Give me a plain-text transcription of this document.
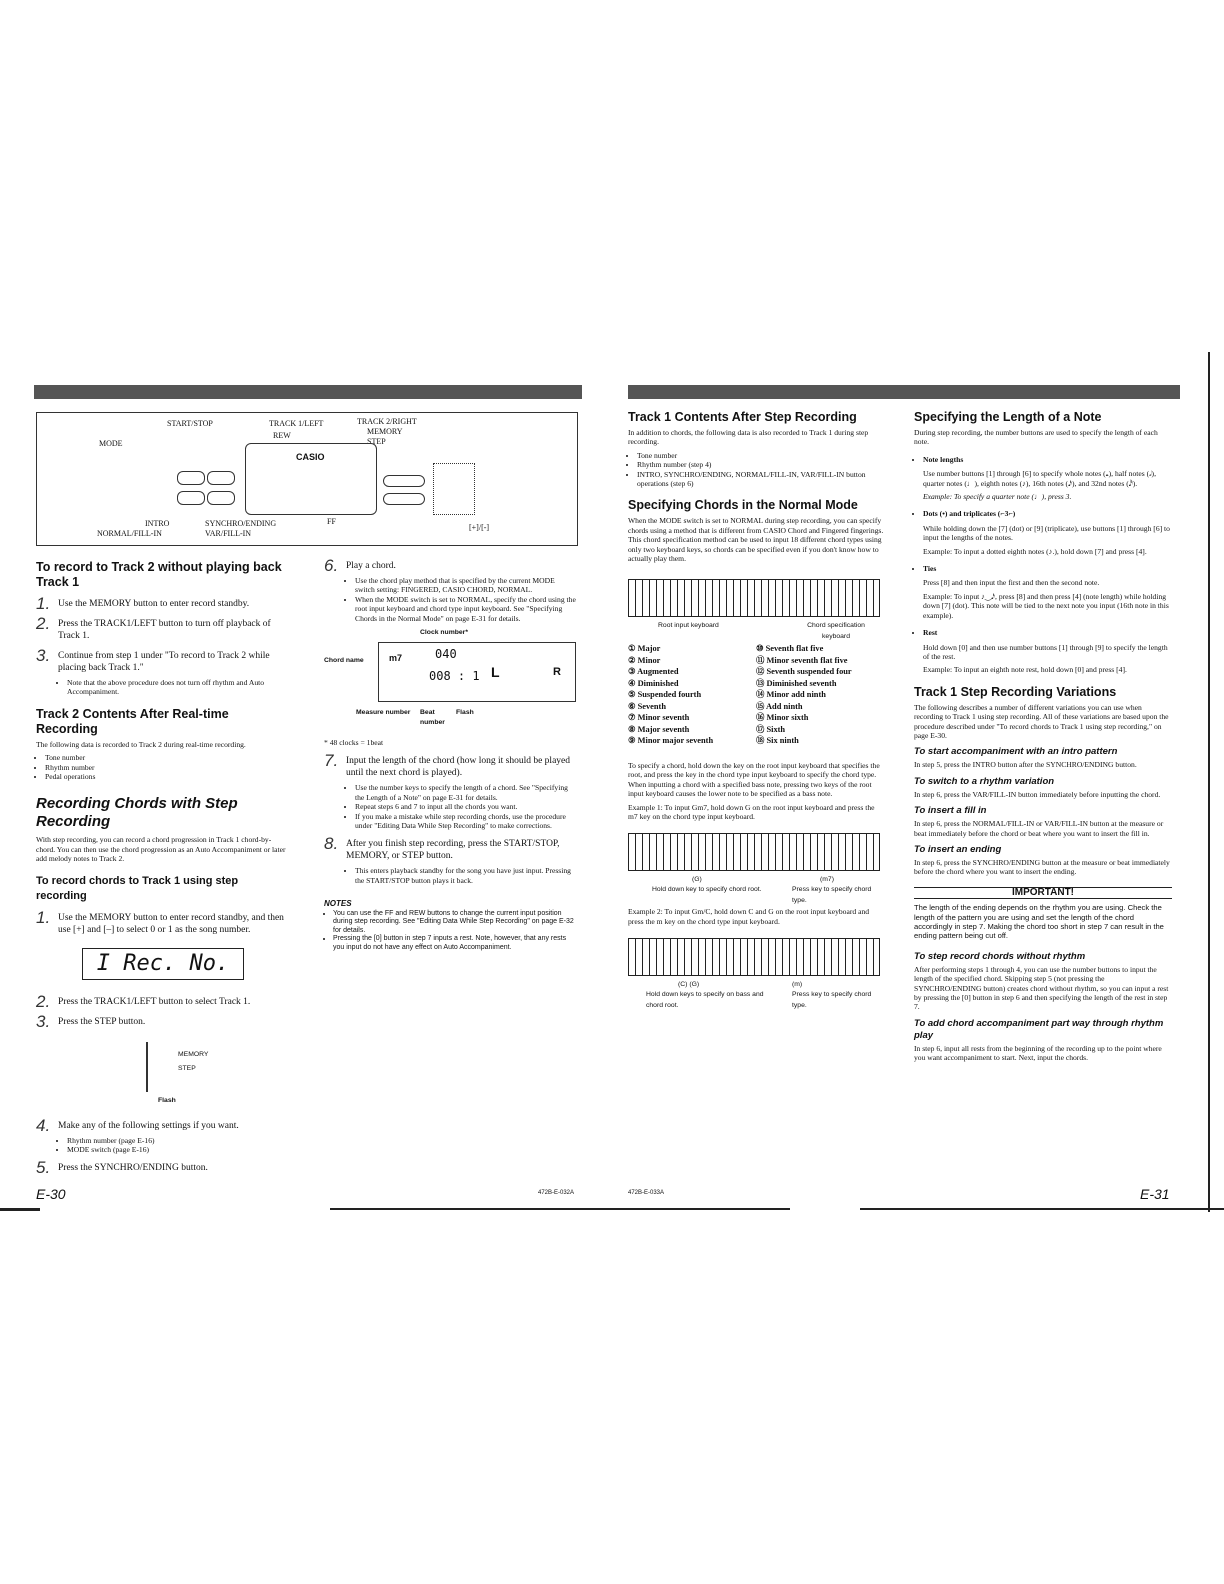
START/STOP	TRACK 1/LEFT	TRACK 2/RIGHT
REW	MEMORY
STEP
MODE
INTRO
NORMAL/FILL-IN
SYNCHRO/ENDING
VAR/FILL-IN
FF
[+]/[-]
CASIO
To record to Track 2 without playing back Track 1
1. Use the MEMORY button to enter record standby.
2. Press the TRACK1/LEFT button to turn off playback of Track 1.
3. Continue from step 1 under "To record to Track 2 while placing back Track 1."
• Note that the above procedure does not turn off rhythm and Auto Accompaniment.
Track 2 Contents After Real-time Recording

The following data is recorded to Track 2 during real-time recording.

• Tone number
• Rhythm number
• Pedal operations
Recording Chords with Step Recording

With step recording, you can record a chord progression in Track 1 chord-by-chord. You can then use the chord progression as an Auto Accompaniment or later add melody notes to Track 2.

To record chords to Track 1 using step recording
1. Use the MEMORY button to enter record standby, and then use [+] and [–] to select 0 or 1 as the song number.
I Rec. No.
2. Press the TRACK1/LEFT button to select Track 1.
3. Press the STEP button.
MEMORY
STEP
Flash
4. Make any of the following settings if you want.
• Rhythm number (page E-16)
• MODE switch (page E-16)
5. Press the SYNCHRO/ENDING button.
6. Play a chord.
• Use the chord play method that is specified by the current MODE switch setting: FINGERED, CASIO CHORD, NORMAL.
• When the MODE switch is set to NORMAL, specify the chord using the root input keyboard and chord type input keyboard. See "Specifying Chords in the Normal Mode" on page E-31 for details.
Clock number*
Chord name	m7	040
008 : 1 L	R
Measure number Beat number
Flash

* 48 clocks = 1beat

7. Input the length of the chord (how long it should be played until the next chord is played).
• Use the number keys to specify the length of a chord. See "Specifying the Length of a Note" on page E-31 for details.
• Repeat steps 6 and 7 to input all the chords you want.
• If you make a mistake while step recording chords, use the procedure under "Editing Data While Step Recording" to make corrections.
8. After you finish step recording, press the START/STOP, MEMORY, or STEP button.
• This enters playback standby for the song you have just input. Pressing the START/STOP button plays it back.
NOTES
• You can use the FF and REW buttons to change the current input position during step recording. See "Editing Data While Step Recording" on page E-32 for details.
• Pressing the [0] button in step 7 inputs a rest. Note, however, that any rests you input do not have any effect on Auto Accompaniment.
E-30	472B-E-032A
Track 1 Contents After Step Recording

In addition to chords, the following data is also recorded to Track 1 during step recording.

• Tone number
• Rhythm number (step 4)
• INTRO, SYNCHRO/ENDING, NORMAL/FILL-IN, VAR/FILL-IN button operations (step 6)
Specifying Chords in the Normal Mode

When the MODE switch is set to NORMAL during step recording, you can specify chords using a method that is different from CASIO Chord and Fingered fingerings. This chord specification method can be used to input 18 different chord types using only two keyboard keys, so chords can be specified even if you don't know how to actually play them.

Root input keyboard	Chord specification keyboard
① Major	⑩ Seventh flat five
② Minor	⑪ Minor seventh flat five
③ Augmented	⑫ Seventh suspended four
④ Diminished	⑬ Diminished seventh
⑤ Suspended fourth	⑭ Minor add ninth
⑥ Seventh	⑮ Add ninth
⑦ Minor seventh	⑯ Minor sixth
⑧ Major seventh	⑰ Sixth
⑨ Minor major seventh	⑱ Six ninth

To specify a chord, hold down the key on the root input keyboard that specifies the root, and press the key in the chord type input keyboard to specify the chord type. When inputting a chord with a specified bass note, pressing two keys of the root input keyboard causes the lower note to be specified as a bass note.

Example 1: To input Gm7, hold down G on the root input keyboard and press the m7 key on the chord type input keyboard.

(G)	(m7)
Hold down key to specify chord root.	Press key to specify chord type.

Example 2: To input Gm/C, hold down C and G on the root input keyboard and press the m key on the chord type input keyboard.

(C) (G)	(m)
Hold down keys to specify on bass and chord root.
Press key to specify chord type.
472B-E-033A
Specifying the Length of a Note

During step recording, the number buttons are used to specify the length of each note.

• Note lengths

Use number buttons [1] through [6] to specify whole notes (𝅝), half notes (𝅗𝅥), quarter notes (♩), eighth notes (♪), 16th notes (𝅘𝅥𝅯), and 32nd notes (𝅘𝅥𝅰).

Example: To specify a quarter note (♩), press 3.

• Dots (•) and triplicates (⌐3⌐)

While holding down the [7] (dot) or [9] (triplicate), use buttons [1] through [6] to input the lengths of the notes.

Example: To input a dotted eighth notes (♪.), hold down [7] and press [4].

• Ties

Press [8] and then input the first and then the second note.

Example: To input ♪‿𝅘𝅥𝅯, press [8] and then press [4] (note length) while holding down [7] (dot). This note will be tied to the next note you input (16th note in this example).

• Rest

Hold down [0] and then use number buttons [1] through [9] to specify the length of the rest.

Example: To input an eighth note rest, hold down [0] and press [4].

Track 1 Step Recording Variations

The following describes a number of different variations you can use when recording to Track 1 using step recording. All of these variations are based upon the procedure described under "To record chords to Track 1 using step recording," on page E-30.

To start accompaniment with an intro pattern

In step 5, press the INTRO button after the SYNCHRO/ENDING button.

To switch to a rhythm variation

In step 6, press the VAR/FILL-IN button immediately before inputting the chord.

To insert a fill in

In step 6, press the NORMAL/FILL-IN or VAR/FILL-IN button at the measure or beat immediately before the chord or beat where you want to insert the fill in.

To insert an ending

In step 6, press the SYNCHRO/ENDING button at the measure or beat immediately before the chord where you want to insert the ending.

IMPORTANT!

The length of the ending depends on the rhythm you are using. Check the length of the pattern you are using and set the length of the chord accordingly in step 7. Making the chord too short in step 7 can result in the ending pattern being cut off.

To step record chords without rhythm

After performing steps 1 through 4, you can use the number buttons to input the length of the specified chord. Skipping step 5 (not pressing the SYNCHRO/ENDING button) creates chord without rhythm, so you can input a rest by pressing the [0] button in step 6 and then specifying the length of the rest in step 7.

To add chord accompaniment part way through rhythm play

In step 6, input all rests from the beginning of the recording up to the point where you want accompaniment to start. Next, input the chords.

E-31
